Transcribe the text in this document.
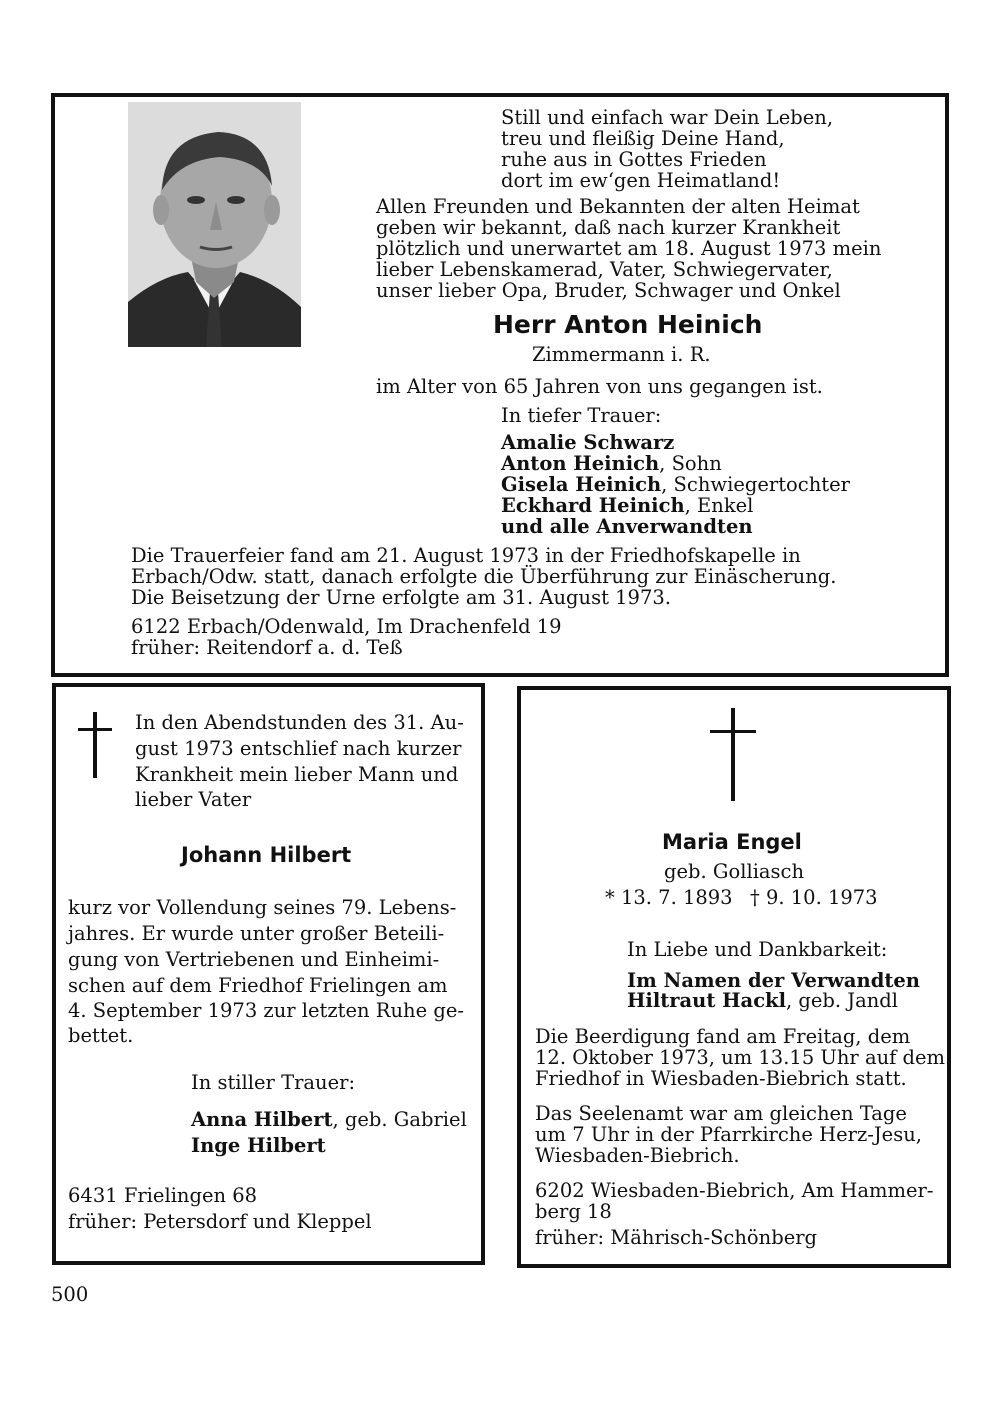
Still und einfach war Dein Leben,
treu und fleißig Deine Hand,
ruhe aus in Gottes Frieden
dort im ew‘gen Heimatland!
Allen Freunden und Bekannten der alten Heimat
geben wir bekannt, daß nach kurzer Krankheit
plötzlich und unerwartet am 18. August 1973 mein
lieber Lebenskamerad, Vater, Schwiegervater,
unser lieber Opa, Bruder, Schwager und Onkel
Herr Anton Heinich
Zimmermann i. R.
im Alter von 65 Jahren von uns gegangen ist.
In tiefer Trauer:
Amalie Schwarz
Anton Heinich, Sohn
Gisela Heinich, Schwiegertochter
Eckhard Heinich, Enkel
und alle Anverwandten
Die Trauerfeier fand am 21. August 1973 in der Friedhofskapelle in
Erbach/Odw. statt, danach erfolgte die Überführung zur Einäscherung.
Die Beisetzung der Urne erfolgte am 31. August 1973.
6122 Erbach/Odenwald, Im Drachenfeld 19
früher: Reitendorf a. d. Teß
In den Abendstunden des 31. Au-
gust 1973 entschlief nach kurzer
Krankheit mein lieber Mann und
lieber Vater
Johann Hilbert
kurz vor Vollendung seines 79. Lebens-
jahres. Er wurde unter großer Beteili-
gung von Vertriebenen und Einheimi-
schen auf dem Friedhof Frielingen am
4. September 1973 zur letzten Ruhe ge-
bettet.
In stiller Trauer:
Anna Hilbert, geb. Gabriel
Inge Hilbert
6431 Frielingen 68
früher: Petersdorf und Kleppel
Maria Engel
geb. Golliasch
* 13. 7. 1893 † 9. 10. 1973
In Liebe und Dankbarkeit:
Im Namen der Verwandten
Hiltraut Hackl, geb. Jandl
Die Beerdigung fand am Freitag, dem
12. Oktober 1973, um 13.15 Uhr auf dem
Friedhof in Wiesbaden-Biebrich statt.
Das Seelenamt war am gleichen Tage
um 7 Uhr in der Pfarrkirche Herz-Jesu,
Wiesbaden-Biebrich.
6202 Wiesbaden-Biebrich, Am Hammer-
berg 18
früher: Mährisch-Schönberg
500
